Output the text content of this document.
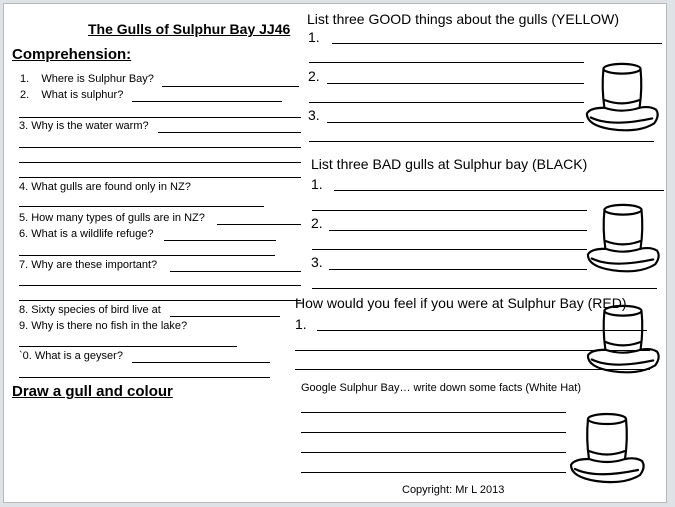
The Gulls of Sulphur Bay JJ46
Comprehension:
1.    Where is Sulphur Bay?
2.    What is sulphur?
3. Why is the water warm?
4. What gulls are found only in NZ?
5. How many types of gulls are in NZ?
6. What is a wildlife refuge?
7. Why are these important?
8. Sixty species of bird live at
9. Why is there no fish in the lake?
`0. What is a geyser?
Draw a gull and colour
List three GOOD things about the gulls (YELLOW)
1.
2.
3.
List three BAD gulls at Sulphur bay (BLACK)
1.
2.
3.
How would you feel if you were at Sulphur Bay (RED)
1.
Google Sulphur Bay… write down some facts (White Hat)
Copyright: Mr L 2013
